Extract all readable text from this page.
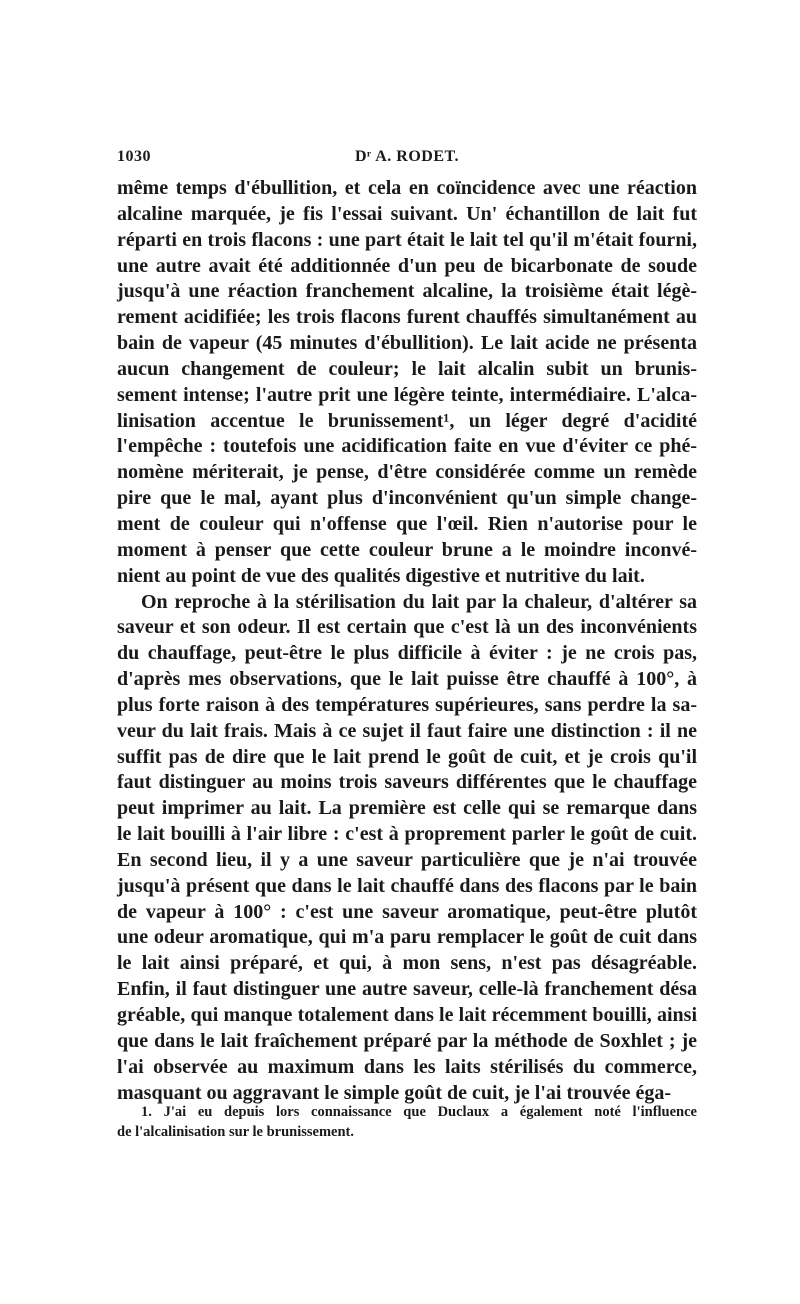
1030	Dʳ A. RODET.

même temps d'ébullition, et cela en coïncidence avec une réaction
alcaline marquée, je fis l'essai suivant. Un' échantillon de lait fut
réparti en trois flacons : une part était le lait tel qu'il m'était fourni,
une autre avait été additionnée d'un peu de bicarbonate de soude
jusqu'à une réaction franchement alcaline, la troisième était légè-
rement acidifiée; les trois flacons furent chauffés simultanément au
bain de vapeur (45 minutes d'ébullition). Le lait acide ne présenta
aucun changement de couleur; le lait alcalin subit un brunis-
sement intense; l'autre prit une légère teinte, intermédiaire. L'alca-
linisation accentue le brunissement¹, un léger degré d'acidité
l'empêche : toutefois une acidification faite en vue d'éviter ce phé-
nomène mériterait, je pense, d'être considérée comme un remède
pire que le mal, ayant plus d'inconvénient qu'un simple change-
ment de couleur qui n'offense que l'œil. Rien n'autorise pour le
moment à penser que cette couleur brune a le moindre inconvé-
nient au point de vue des qualités digestive et nutritive du lait.

On reproche à la stérilisation du lait par la chaleur, d'altérer sa
saveur et son odeur. Il est certain que c'est là un des inconvénients
du chauffage, peut-être le plus difficile à éviter : je ne crois pas,
d'après mes observations, que le lait puisse être chauffé à 100°, à
plus forte raison à des températures supérieures, sans perdre la sa-
veur du lait frais. Mais à ce sujet il faut faire une distinction : il ne
suffit pas de dire que le lait prend le goût de cuit, et je crois qu'il
faut distinguer au moins trois saveurs différentes que le chauffage
peut imprimer au lait. La première est celle qui se remarque dans
le lait bouilli à l'air libre : c'est à proprement parler le goût de cuit.
En second lieu, il y a une saveur particulière que je n'ai trouvée
jusqu'à présent que dans le lait chauffé dans des flacons par le bain
de vapeur à 100° : c'est une saveur aromatique, peut-être plutôt
une odeur aromatique, qui m'a paru remplacer le goût de cuit dans
le lait ainsi préparé, et qui, à mon sens, n'est pas désagréable.
Enfin, il faut distinguer une autre saveur, celle-là franchement désa
gréable, qui manque totalement dans le lait récemment bouilli, ainsi
que dans le lait fraîchement préparé par la méthode de Soxhlet ; je
l'ai observée au maximum dans les laits stérilisés du commerce,
masquant ou aggravant le simple goût de cuit, je l'ai trouvée éga-

1. J'ai eu depuis lors connaissance que Duclaux a également noté l'influence
de l'alcalinisation sur le brunissement.
